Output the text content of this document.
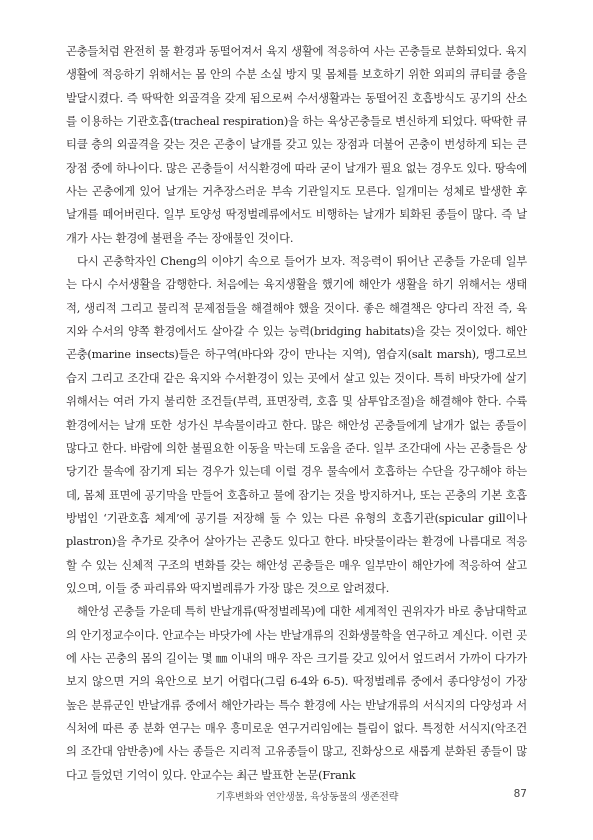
곤충들처럼 완전히 물 환경과 동떨어져서 육지 생활에 적응하여 사는 곤충들로 분화되었다. 육지생활에 적응하기 위해서는 몸 안의 수분 소실 방지 및 몸체를 보호하기 위한 외피의 큐티클 층을 발달시켰다. 즉 딱딱한 외골격을 갖게 됨으로써 수서생활과는 동떨어진 호흡방식도 공기의 산소를 이용하는 기관호흡(tracheal respiration)을 하는 육상곤충들로 변신하게 되었다. 딱딱한 큐티클 층의 외골격을 갖는 것은 곤충이 날개를 갖고 있는 장점과 더불어 곤충이 번성하게 되는 큰 장점 중에 하나이다. 많은 곤충들이 서식환경에 따라 굳이 날개가 필요 없는 경우도 있다. 땅속에 사는 곤충에게 있어 날개는 거추장스러운 부속 기관일지도 모른다. 일개미는 성체로 발생한 후 날개를 떼어버린다. 일부 토양성 딱정벌레류에서도 비행하는 날개가 퇴화된 종들이 많다. 즉 날개가 사는 환경에 불편을 주는 장애물인 것이다.

다시 곤충학자인 Cheng의 이야기 속으로 들어가 보자. 적응력이 뛰어난 곤충들 가운데 일부는 다시 수서생활을 감행한다. 처음에는 육지생활을 했기에 해안가 생활을 하기 위해서는 생태적, 생리적 그리고 물리적 문제점들을 해결해야 했을 것이다. 좋은 해결책은 양다리 작전 즉, 육지와 수서의 양쪽 환경에서도 살아갈 수 있는 능력(bridging habitats)을 갖는 것이었다. 해안 곤충(marine insects)들은 하구역(바다와 강이 만나는 지역), 염습지(salt marsh), 맹그로브 습지 그리고 조간대 같은 육지와 수서환경이 있는 곳에서 살고 있는 것이다. 특히 바닷가에 살기 위해서는 여러 가지 불리한 조건들(부력, 표면장력, 호흡 및 삼투압조절)을 해결해야 한다. 수륙환경에서는 날개 또한 성가신 부속물이라고 한다. 많은 해안성 곤충들에게 날개가 없는 종들이 많다고 한다. 바람에 의한 불필요한 이동을 막는데 도움을 준다. 일부 조간대에 사는 곤충들은 상당기간 물속에 잠기게 되는 경우가 있는데 이럴 경우 물속에서 호흡하는 수단을 강구해야 하는데, 몸체 표면에 공기막을 만들어 호흡하고 물에 잠기는 것을 방지하거나, 또는 곤충의 기본 호흡방법인 ‘기관호흡 체계’에 공기를 저장해 둘 수 있는 다른 유형의 호흡기관(spicular gill이나 plastron)을 추가로 갖추어 살아가는 곤충도 있다고 한다. 바닷물이라는 환경에 나름대로 적응할 수 있는 신체적 구조의 변화를 갖는 해안성 곤충들은 매우 일부만이 해안가에 적응하여 살고 있으며, 이들 중 파리류와 딱지벌레류가 가장 많은 것으로 알려졌다.

해안성 곤충들 가운데 특히 반날개류(딱정벌레목)에 대한 세계적인 권위자가 바로 충남대학교의 안기정교수이다. 안교수는 바닷가에 사는 반날개류의 진화생물학을 연구하고 계신다. 이런 곳에 사는 곤충의 몸의 길이는 몇 ㎜ 이내의 매우 작은 크기를 갖고 있어서 엎드려서 가까이 다가가 보지 않으면 거의 육안으로 보기 어렵다(그림 6-4와 6-5). 딱정벌레류 중에서 종다양성이 가장 높은 분류군인 반날개류 중에서 해안가라는 특수 환경에 사는 반날개류의 서식지의 다양성과 서식처에 따른 종 분화 연구는 매우 흥미로운 연구거리임에는 틀림이 없다. 특정한 서식지(악조건의 조간대 암반층)에 사는 종들은 지리적 고유종들이 많고, 진화상으로 새롭게 분화된 종들이 많다고 들었던 기억이 있다. 안교수는 최근 발표한 논문(Frank

기후변화와 연안생물, 육상동물의 생존전략	87
